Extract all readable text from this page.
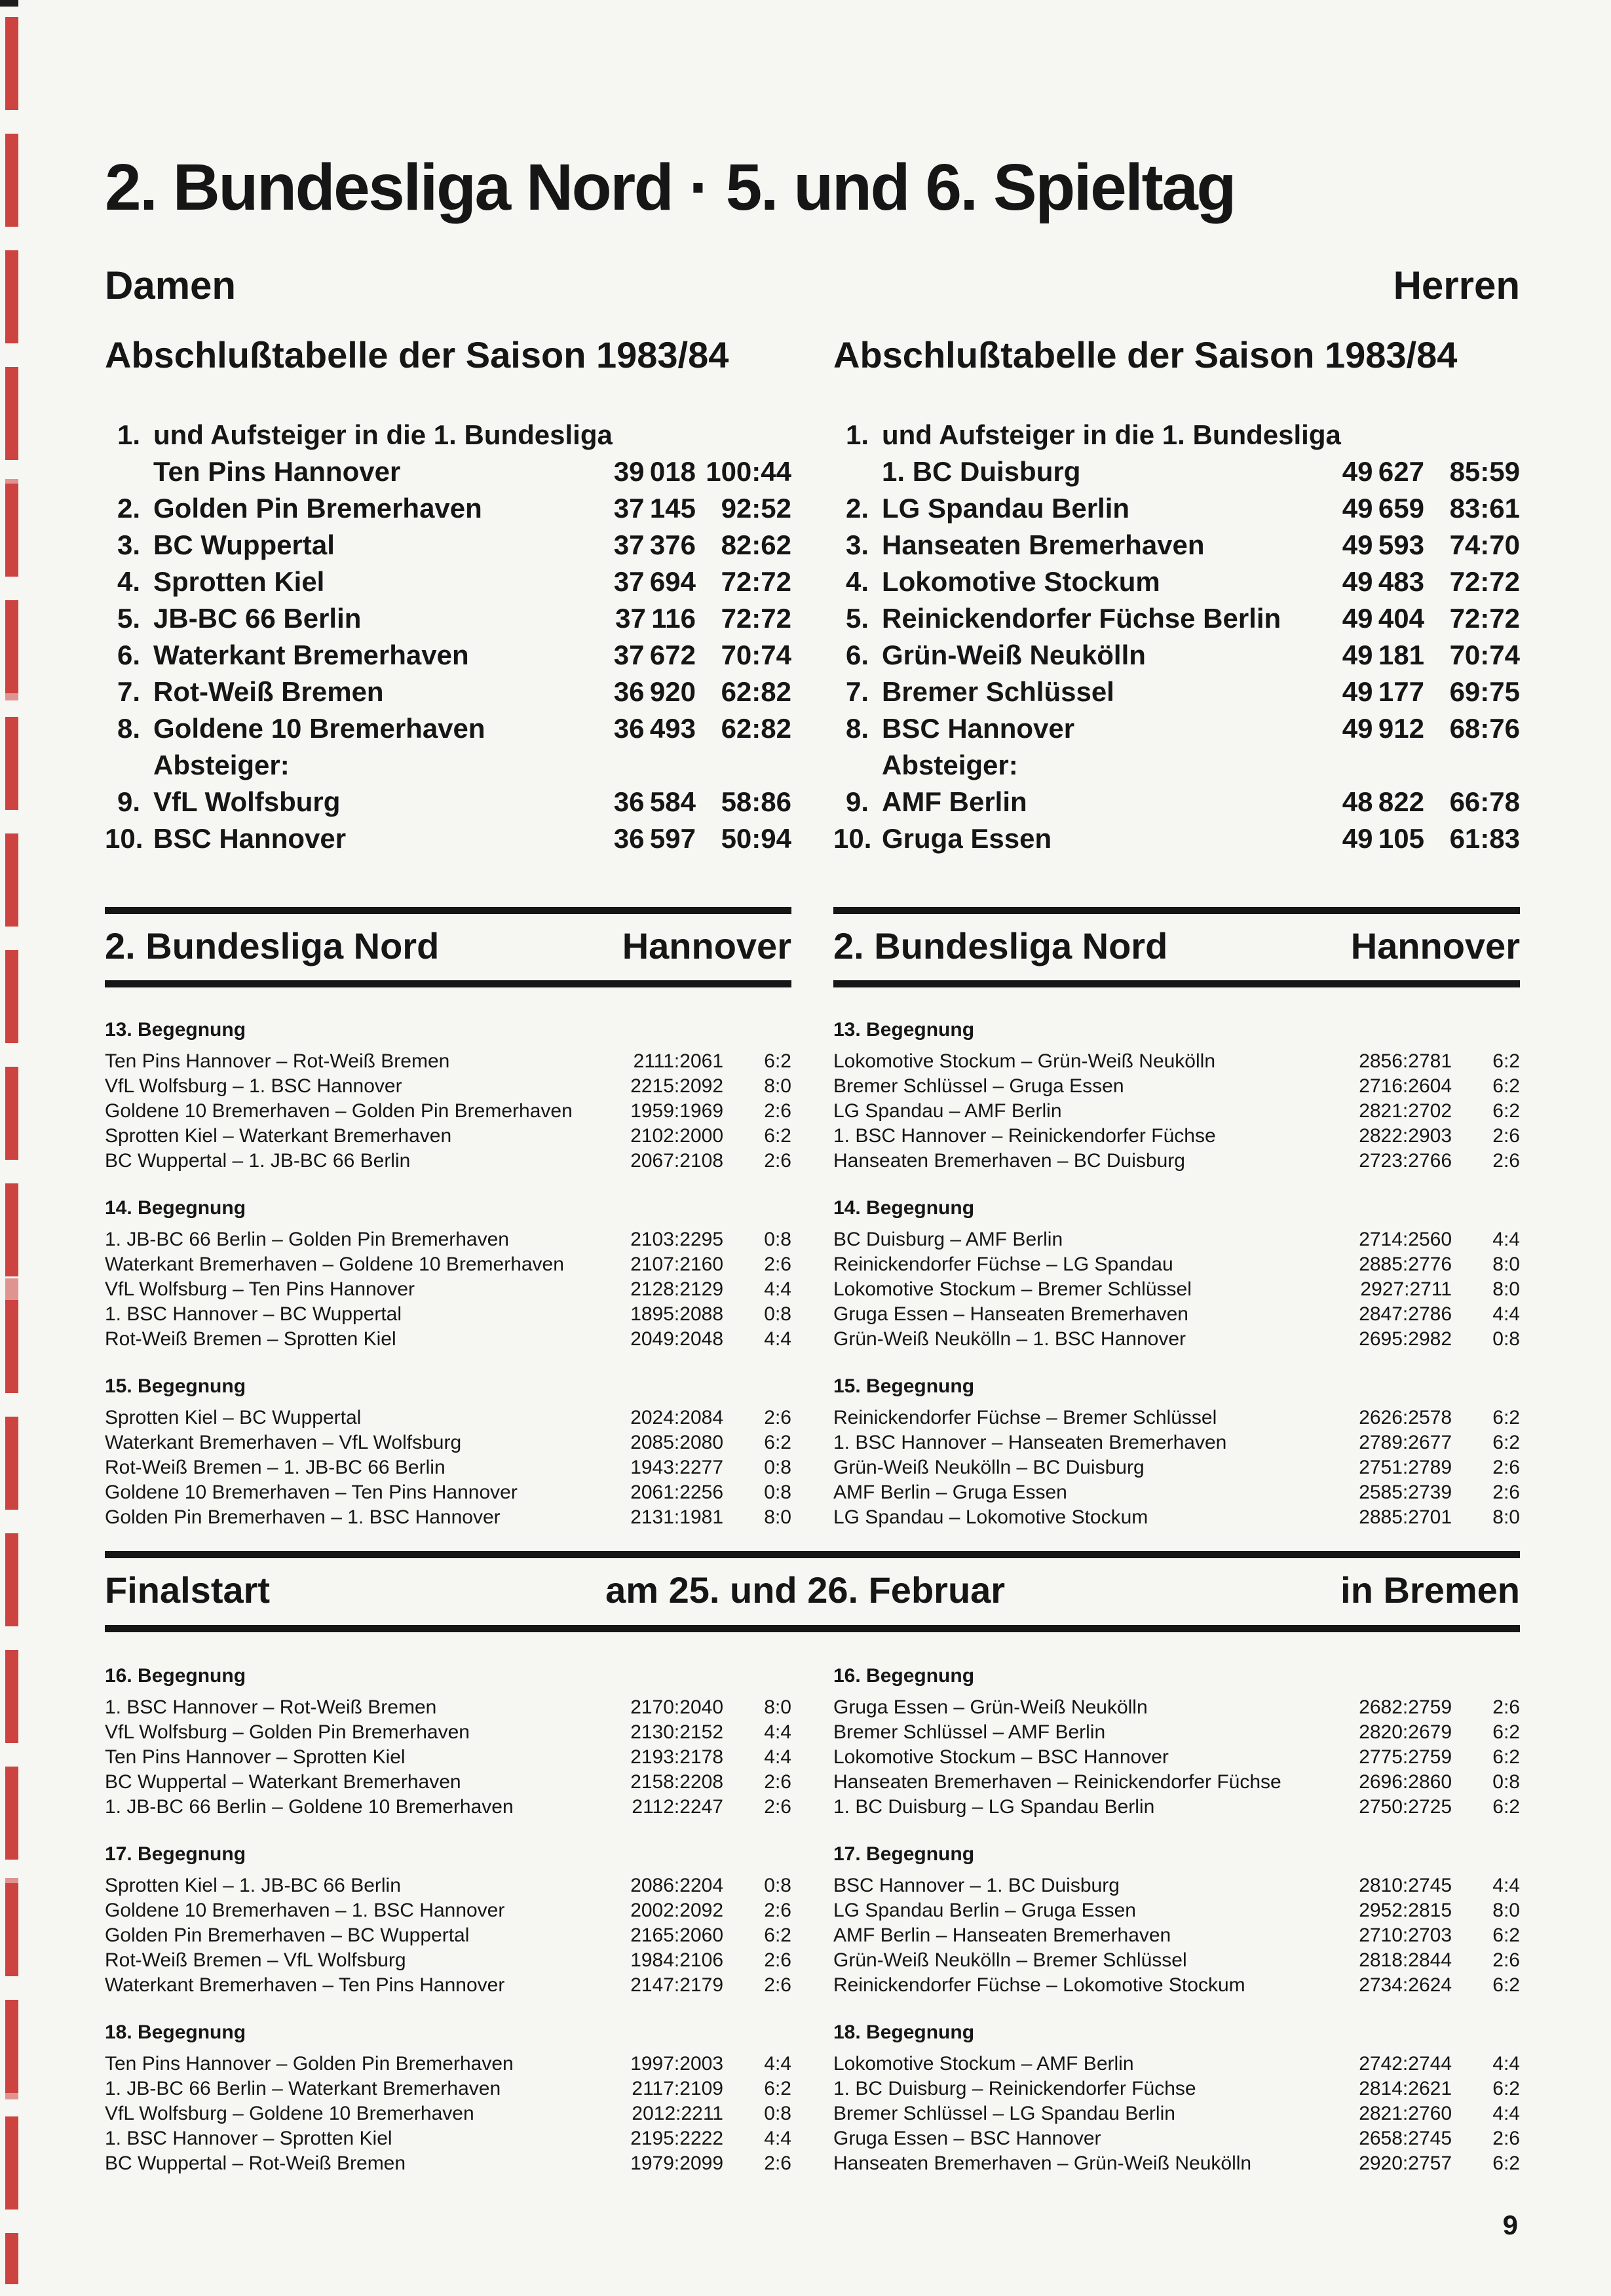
2. Bundesliga Nord · 5. und 6. Spieltag
Damen	Herren
Abschlußtabelle der Saison 1983/84	Abschlußtabelle der Saison 1983/84
1. und Aufsteiger in die 1. Bundesliga
Ten Pins Hannover	39 018 100:44
2. Golden Pin Bremerhaven	37 145 92:52
3. BC Wuppertal	37 376 82:62
4. Sprotten Kiel	37 694 72:72
5. JB-BC 66 Berlin	37 116 72:72
6. Waterkant Bremerhaven	37 672 70:74
7. Rot-Weiß Bremen	36 920 62:82
8. Goldene 10 Bremerhaven	36 493 62:82
Absteiger:
9. VfL Wolfsburg	36 584 58:86
10. BSC Hannover	36 597 50:94
1. und Aufsteiger in die 1. Bundesliga
1. BC Duisburg	49 627 85:59
2. LG Spandau Berlin	49 659 83:61
3. Hanseaten Bremerhaven	49 593 74:70
4. Lokomotive Stockum	49 483 72:72
5. Reinickendorfer Füchse Berlin	49 404 72:72
6. Grün-Weiß Neukölln	49 181 70:74
7. Bremer Schlüssel	49 177 69:75
8. BSC Hannover	49 912 68:76
Absteiger:
9. AMF Berlin	48 822 66:78
10. Gruga Essen	49 105 61:83
2. Bundesliga Nord	Hannover 2. Bundesliga Nord	Hannover
13. Begegnung
Ten Pins Hannover – Rot-Weiß Bremen	2111:2061	6:2
VfL Wolfsburg – 1. BSC Hannover	2215:2092	8:0
Goldene 10 Bremerhaven – Golden Pin Bremerhaven	1959:1969	2:6
Sprotten Kiel – Waterkant Bremerhaven	2102:2000	6:2
BC Wuppertal – 1. JB-BC 66 Berlin	2067:2108	2:6
14. Begegnung
1. JB-BC 66 Berlin – Golden Pin Bremerhaven	2103:2295	0:8
Waterkant Bremerhaven – Goldene 10 Bremerhaven	2107:2160	2:6
VfL Wolfsburg – Ten Pins Hannover	2128:2129	4:4
1. BSC Hannover – BC Wuppertal	1895:2088	0:8
Rot-Weiß Bremen – Sprotten Kiel	2049:2048	4:4
15. Begegnung
Sprotten Kiel – BC Wuppertal	2024:2084	2:6
Waterkant Bremerhaven – VfL Wolfsburg	2085:2080	6:2
Rot-Weiß Bremen – 1. JB-BC 66 Berlin	1943:2277	0:8
Goldene 10 Bremerhaven – Ten Pins Hannover	2061:2256	0:8
Golden Pin Bremerhaven – 1. BSC Hannover	2131:1981	8:0
13. Begegnung
Lokomotive Stockum – Grün-Weiß Neukölln	2856:2781	6:2
Bremer Schlüssel – Gruga Essen	2716:2604	6:2
LG Spandau – AMF Berlin	2821:2702	6:2
1. BSC Hannover – Reinickendorfer Füchse	2822:2903	2:6
Hanseaten Bremerhaven – BC Duisburg	2723:2766	2:6
14. Begegnung
BC Duisburg – AMF Berlin	2714:2560	4:4
Reinickendorfer Füchse – LG Spandau	2885:2776	8:0
Lokomotive Stockum – Bremer Schlüssel	2927:2711	8:0
Gruga Essen – Hanseaten Bremerhaven	2847:2786	4:4
Grün-Weiß Neukölln – 1. BSC Hannover	2695:2982	0:8
15. Begegnung
Reinickendorfer Füchse – Bremer Schlüssel	2626:2578	6:2
1. BSC Hannover – Hanseaten Bremerhaven	2789:2677	6:2
Grün-Weiß Neukölln – BC Duisburg	2751:2789	2:6
AMF Berlin – Gruga Essen	2585:2739	2:6
LG Spandau – Lokomotive Stockum	2885:2701	8:0
Finalstart	am 25. und 26. Februar	in Bremen
16. Begegnung
1. BSC Hannover – Rot-Weiß Bremen	2170:2040	8:0
VfL Wolfsburg – Golden Pin Bremerhaven	2130:2152	4:4
Ten Pins Hannover – Sprotten Kiel	2193:2178	4:4
BC Wuppertal – Waterkant Bremerhaven	2158:2208	2:6
1. JB-BC 66 Berlin – Goldene 10 Bremerhaven	2112:2247	2:6
17. Begegnung
Sprotten Kiel – 1. JB-BC 66 Berlin	2086:2204	0:8
Goldene 10 Bremerhaven – 1. BSC Hannover	2002:2092	2:6
Golden Pin Bremerhaven – BC Wuppertal	2165:2060	6:2
Rot-Weiß Bremen – VfL Wolfsburg	1984:2106	2:6
Waterkant Bremerhaven – Ten Pins Hannover	2147:2179	2:6
18. Begegnung
Ten Pins Hannover – Golden Pin Bremerhaven	1997:2003	4:4
1. JB-BC 66 Berlin – Waterkant Bremerhaven	2117:2109	6:2
VfL Wolfsburg – Goldene 10 Bremerhaven	2012:2211	0:8
1. BSC Hannover – Sprotten Kiel	2195:2222	4:4
BC Wuppertal – Rot-Weiß Bremen	1979:2099	2:6
16. Begegnung
Gruga Essen – Grün-Weiß Neukölln	2682:2759	2:6
Bremer Schlüssel – AMF Berlin	2820:2679	6:2
Lokomotive Stockum – BSC Hannover	2775:2759	6:2
Hanseaten Bremerhaven – Reinickendorfer Füchse	2696:2860	0:8
1. BC Duisburg – LG Spandau Berlin	2750:2725	6:2
17. Begegnung
BSC Hannover – 1. BC Duisburg	2810:2745	4:4
LG Spandau Berlin – Gruga Essen	2952:2815	8:0
AMF Berlin – Hanseaten Bremerhaven	2710:2703	6:2
Grün-Weiß Neukölln – Bremer Schlüssel	2818:2844	2:6
Reinickendorfer Füchse – Lokomotive Stockum	2734:2624	6:2
18. Begegnung
Lokomotive Stockum – AMF Berlin	2742:2744	4:4
1. BC Duisburg – Reinickendorfer Füchse	2814:2621	6:2
Bremer Schlüssel – LG Spandau Berlin	2821:2760	4:4
Gruga Essen – BSC Hannover	2658:2745	2:6
Hanseaten Bremerhaven – Grün-Weiß Neukölln	2920:2757	6:2
9
